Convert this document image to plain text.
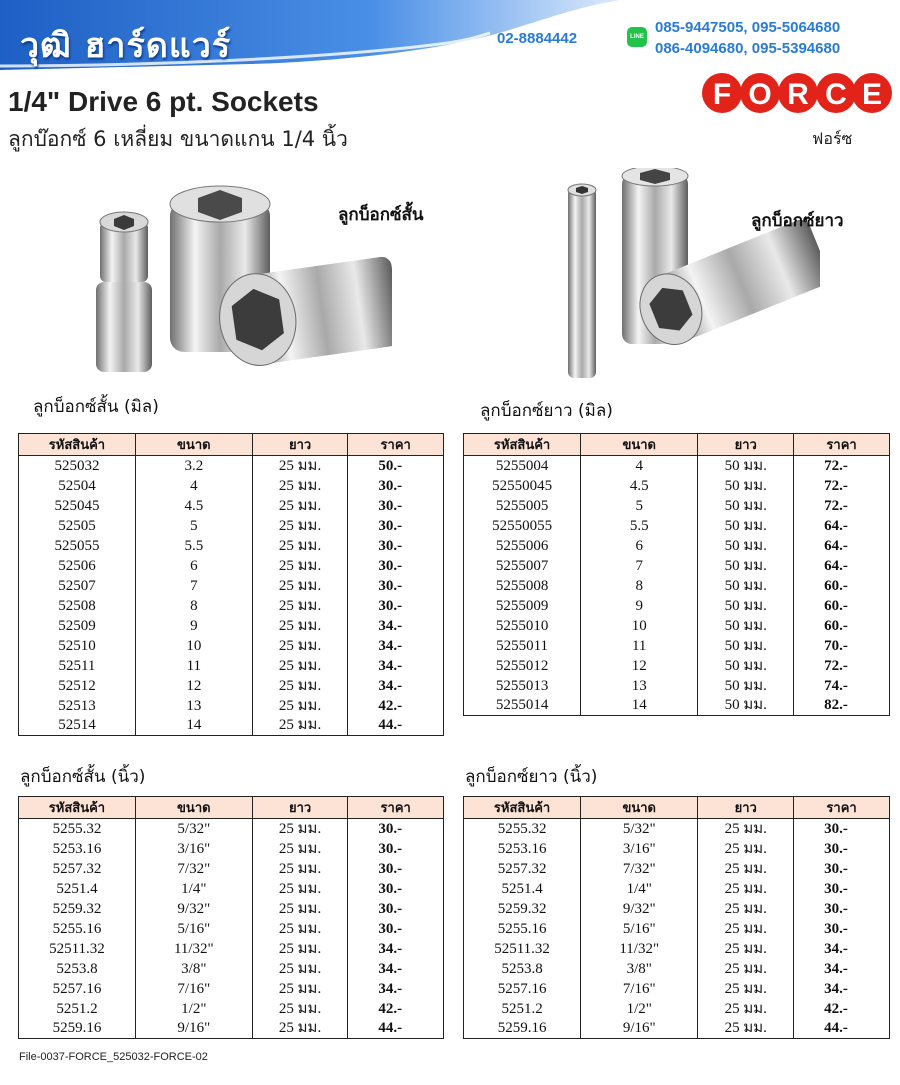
วุฒิ ฮาร์ดแวร์	02-8884442	LINE
085-9447505, 095-5064680
086-4094680, 095-5394680
F O R C E
ฟอร์ซ
1/4" Drive 6 pt. Sockets
ลูกบ๊อกซ์ 6 เหลี่ยม ขนาดแกน 1/4 นิ้ว
ลูกบ็อกซ์สั้น	ลูกบ็อกซ์ยาว
ลูกบ็อกซ์สั้น (มิล)	ลูกบ็อกซ์ยาว (มิล)
ลูกบ็อกซ์สั้น (นิ้ว)	ลูกบ็อกซ์ยาว (นิ้ว)
รหัสสินค้า	ขนาด	ยาว	ราคา
525032	3.2	25 มม.	50.-
52504	4	25 มม.	30.-
525045	4.5	25 มม.	30.-
52505	5	25 มม.	30.-
525055	5.5	25 มม.	30.-
52506	6	25 มม.	30.-
52507	7	25 มม.	30.-
52508	8	25 มม.	30.-
52509	9	25 มม.	34.-
52510	10	25 มม.	34.-
52511	11	25 มม.	34.-
52512	12	25 มม.	34.-
52513	13	25 มม.	42.-
52514	14	25 มม.	44.-
รหัสสินค้า	ขนาด	ยาว	ราคา
5255004	4	50 มม.	72.-
52550045	4.5	50 มม.	72.-
5255005	5	50 มม.	72.-
52550055	5.5	50 มม.	64.-
5255006	6	50 มม.	64.-
5255007	7	50 มม.	64.-
5255008	8	50 มม.	60.-
5255009	9	50 มม.	60.-
5255010	10	50 มม.	60.-
5255011	11	50 มม.	70.-
5255012	12	50 มม.	72.-
5255013	13	50 มม.	74.-
5255014	14	50 มม.	82.-
รหัสสินค้า	ขนาด	ยาว	ราคา
5255.32	5/32"	25 มม.	30.-
5253.16	3/16"	25 มม.	30.-
5257.32	7/32"	25 มม.	30.-
5251.4	1/4"	25 มม.	30.-
5259.32	9/32"	25 มม.	30.-
5255.16	5/16"	25 มม.	30.-
52511.32	11/32"	25 มม.	34.-
5253.8	3/8"	25 มม.	34.-
5257.16	7/16"	25 มม.	34.-
5251.2	1/2"	25 มม.	42.-
5259.16	9/16"	25 มม.	44.-
รหัสสินค้า	ขนาด	ยาว	ราคา
5255.32	5/32"	25 มม.	30.-
5253.16	3/16"	25 มม.	30.-
5257.32	7/32"	25 มม.	30.-
5251.4	1/4"	25 มม.	30.-
5259.32	9/32"	25 มม.	30.-
5255.16	5/16"	25 มม.	30.-
52511.32	11/32"	25 มม.	34.-
5253.8	3/8"	25 มม.	34.-
5257.16	7/16"	25 มม.	34.-
5251.2	1/2"	25 มม.	42.-
5259.16	9/16"	25 มม.	44.-
File-0037-FORCE_525032-FORCE-02
